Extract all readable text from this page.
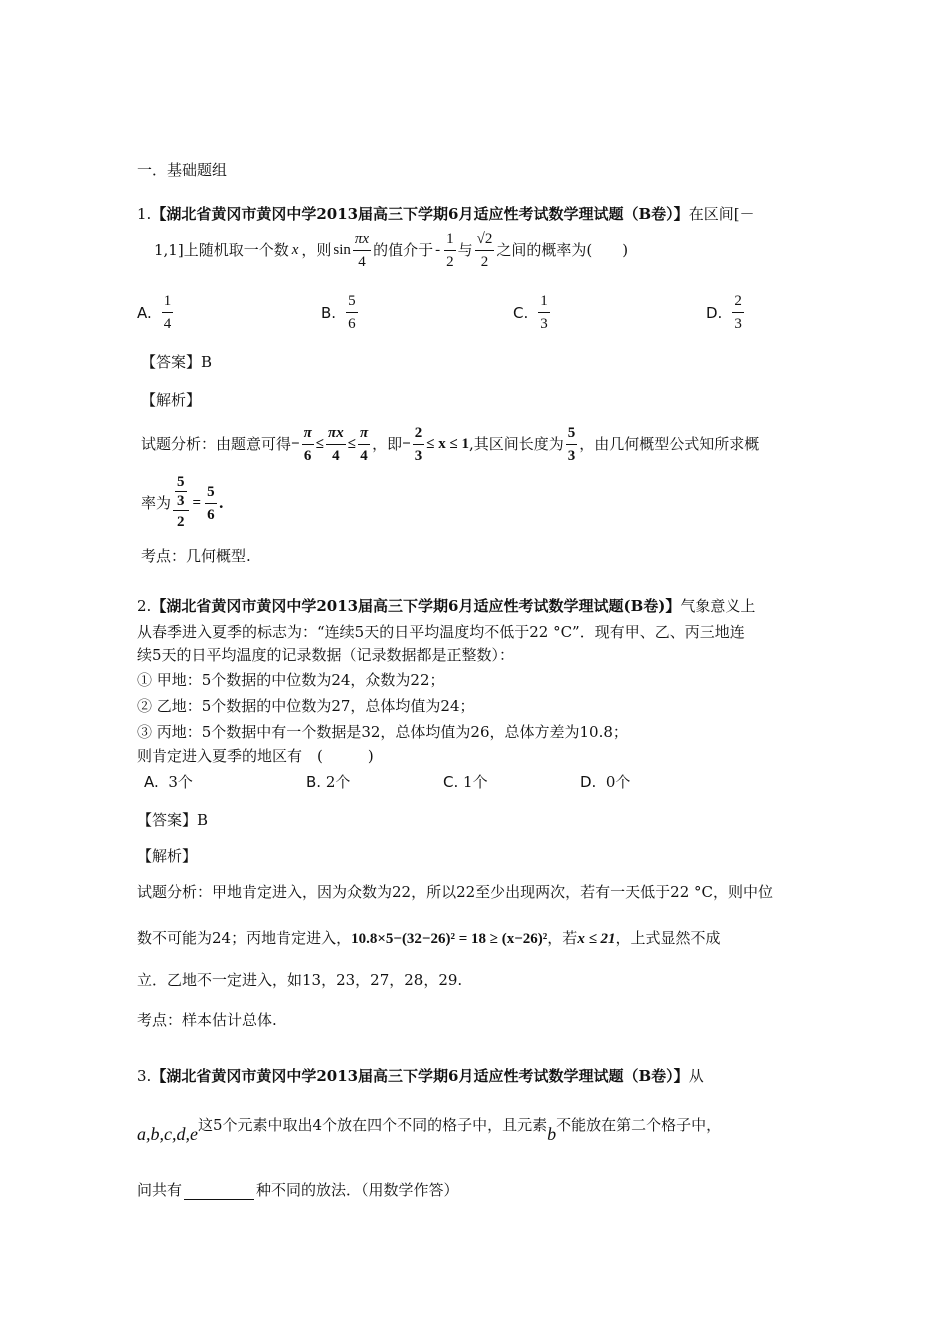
一．基础题组
1.【湖北省黄冈市黄冈中学2013届高三下学期6月适应性考试数学理试题（B卷）】在区间[－
1,1]上随机取一个数 x ，则 $\sin \frac{\pi x}{4}$ 的值介于 - $\frac{1}{2}$ 与 $\frac{√2}{2}$ 之间的概率为(　　)
A. $\frac{1}{4}$	B. $\frac{5}{6}$	C. $\frac{1}{3}$	D. $\frac{2}{3}$
【答案】B
【解析】
试题分析：由题意可得 − $\frac{\pi}{6} \le \frac{\pi x}{4} \le \frac{\pi}{4}$ ，即 − $\frac{2}{3} \le x \le 1$ ,其区间长度为 $\frac{5}{3}$ ，由几何概型公式知所求概
率为 $\frac{\frac{5}{3}}{2} = \frac{5}{6}$ .
考点：几何概型.
2.【湖北省黄冈市黄冈中学2013届高三下学期6月适应性考试数学理试题(B卷)】气象意义上
从春季进入夏季的标志为：“连续5天的日平均温度均不低于22 °C”．现有甲、乙、丙三地连
续5天的日平均温度的记录数据（记录数据都是正整数）：
① 甲地：5个数据的中位数为24，众数为22；
② 乙地：5个数据的中位数为27，总体均值为24；
③ 丙地：5个数据中有一个数据是32，总体均值为26，总体方差为10.8；
则肯定进入夏季的地区有　(　　　)
A. 3个	B. 2个	C. 1个	D. 0个
【答案】B
【解析】
试题分析：甲地肯定进入，因为众数为22，所以22至少出现两次，若有一天低于22 °C，则中位
数不可能为24；丙地肯定进入，10.8×5−(32−26)² = 18 ≥ (x−26)²，若x ≤ 21，上式显然不成
立．乙地不一定进入，如13，23，27，28，29.
考点：样本估计总体.
3.【湖北省黄冈市黄冈中学2013届高三下学期6月适应性考试数学理试题（B卷）】从
a,b,c,d,e这5个元素中取出4个放在四个不同的格子中，且元素b不能放在第二个格子中，
问共有	种不同的放法．（用数学作答）
